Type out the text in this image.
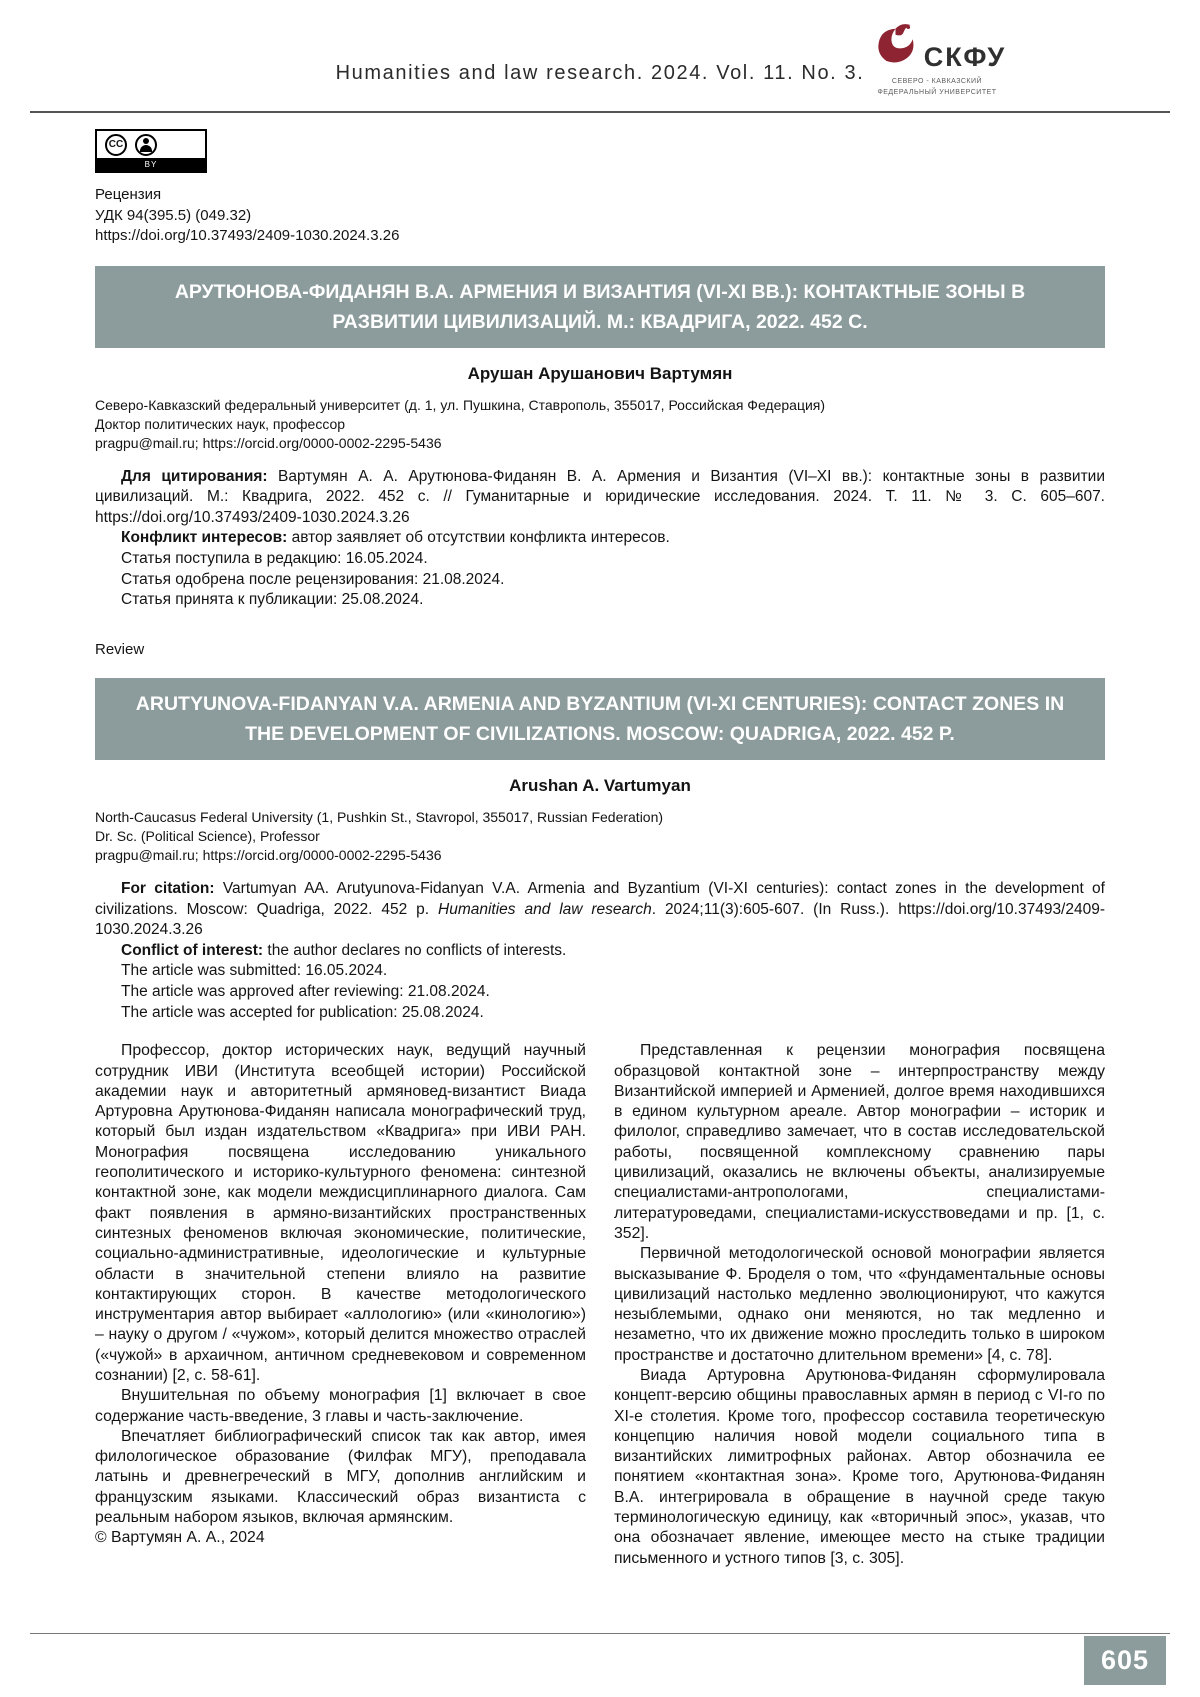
Humanities and law research. 2024. Vol. 11. No. 3.
СКФУ
СЕВЕРО - КАВКАЗСКИЙ
ФЕДЕРАЛЬНЫЙ УНИВЕРСИТЕТ
CC
BY

Рецензия

УДК 94(395.5) (049.32)

https://doi.org/10.37493/2409-1030.2024.3.26

АРУТЮНОВА-ФИДАНЯН В.А. АРМЕНИЯ И ВИЗАНТИЯ (VI-XI ВВ.): КОНТАКТНЫЕ ЗОНЫ В РАЗВИТИИ ЦИВИЛИЗАЦИЙ. М.: КВАДРИГА, 2022. 452 С.
Арушан Арушанович Вартумян

Северо-Кавказский федеральный университет (д. 1, ул. Пушкина, Ставрополь, 355017, Российская Федерация)

Доктор политических наук, профессор

pragpu@mail.ru; https://orcid.org/0000-0002-2295-5436

Для цитирования: Вартумян А. А. Арутюнова-Фиданян В. А. Армения и Византия (VI–XI вв.): контактные зоны в развитии цивилизаций. М.: Квадрига, 2022. 452 с. // Гуманитарные и юридические исследования. 2024. Т. 11. № 3. С. 605–607. https://doi.org/10.37493/2409-1030.2024.3.26

Конфликт интересов: автор заявляет об отсутствии конфликта интересов.

Статья поступила в редакцию: 16.05.2024.

Статья одобрена после рецензирования: 21.08.2024.

Статья принята к публикации: 25.08.2024.

Review
ARUTYUNOVA-FIDANYAN V.A. ARMENIA AND BYZANTIUM (VI-XI CENTURIES): CONTACT ZONES IN THE DEVELOPMENT OF CIVILIZATIONS. MOSCOW: QUADRIGA, 2022. 452 P.
Arushan A. Vartumyan

North-Caucasus Federal University (1, Pushkin St., Stavropol, 355017, Russian Federation)

Dr. Sc. (Political Science), Professor

pragpu@mail.ru; https://orcid.org/0000-0002-2295-5436

For citation: Vartumyan AA. Arutyunova-Fidanyan V.A. Armenia and Byzantium (VI-XI centuries): contact zones in the development of civilizations. Moscow: Quadriga, 2022. 452 p. Humanities and law research. 2024;11(3):605-607. (In Russ.). https://doi.org/10.37493/2409-1030.2024.3.26

Conflict of interest: the author declares no conflicts of interests.

The article was submitted: 16.05.2024.

The article was approved after reviewing: 21.08.2024.

The article was accepted for publication: 25.08.2024.

Профессор, доктор исторических наук, ведущий научный сотрудник ИВИ (Института всеобщей истории) Российской академии наук и авторитетный армяновед-византист Виада Артуровна Арутюнова-Фиданян написала монографический труд, который был издан издательством «Квадрига» при ИВИ РАН. Монография посвящена исследованию уникального геополитического и историко-культурного феномена: синтезной контактной зоне, как модели междисциплинарного диалога. Сам факт появления в армяно-византийских пространственных синтезных феноменов включая экономические, политические, социально-административные, идеологические и культурные области в значительной степени влияло на развитие контактирующих сторон. В качестве методологического инструментария автор выбирает «аллологию» (или «кинологию») – науку о другом / «чужом», который делится множество отраслей («чужой» в архаичном, античном средневековом и современном сознании) [2, с. 58-61].

Внушительная по объему монография [1] включает в свое содержание часть-введение, 3 главы и часть-заключение.

Впечатляет библиографический список так как автор, имея филологическое образование (Филфак МГУ), преподавала латынь и древнегреческий в МГУ, дополнив английским и французским языками. Классический образ византиста с реальным набором языков, включая армянским.

© Вартумян А. А., 2024

Представленная к рецензии монография посвящена образцовой контактной зоне – интерпространству между Византийской империей и Арменией, долгое время находившихся в едином культурном ареале. Автор монографии – историк и филолог, справедливо замечает, что в состав исследовательской работы, посвященной комплексному сравнению пары цивилизаций, оказались не включены объекты, анализируемые специалистами-антропологами, специалистами-литературоведами, специалистами-искусствоведами и пр. [1, с. 352].

Первичной методологической основой монографии является высказывание Ф. Броделя о том, что «фундаментальные основы цивилизаций настолько медленно эволюционируют, что кажутся незыблемыми, однако они меняются, но так медленно и незаметно, что их движение можно проследить только в широком пространстве и достаточно длительном времени» [4, с. 78].

Виада Артуровна Арутюнова-Фиданян сформулировала концепт-версию общины православных армян в период с VI-го по XI-е столетия. Кроме того, профессор составила теоретическую концепцию наличия новой модели социального типа в византийских лимитрофных районах. Автор обозначила ее понятием «контактная зона». Кроме того, Арутюнова-Фиданян В.А. интегрировала в обращение в научной среде такую терминологическую единицу, как «вторичный эпос», указав, что она обозначает явление, имеющее место на стыке традиции письменного и устного типов [3, с. 305].

605
